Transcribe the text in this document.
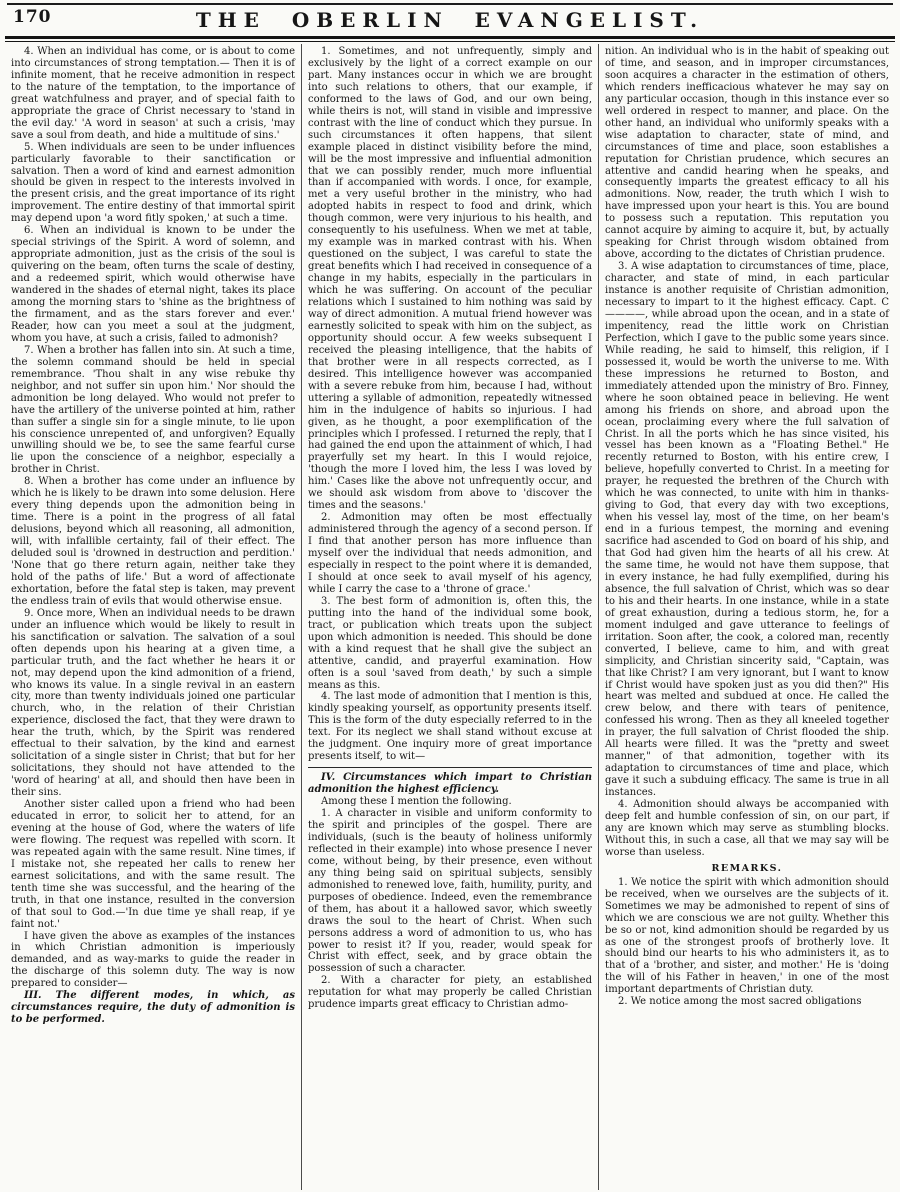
170	THE OBERLIN EVANGELIST.

4. When an individual has come, or is about to come into circumstances of strong temptation.— Then it is of infinite moment, that he receive admonition in respect to the nature of the temptation, to the importance of great watchfulness and prayer, and of special faith to appropriate the grace of Christ necessary to 'stand in the evil day.' 'A word in season' at such a crisis, 'may save a soul from death, and hide a multitude of sins.'

5. When individuals are seen to be under influences particularly favorable to their sanctification or salvation. Then a word of kind and earnest admonition should be given in respect to the interests involved in the present crisis, and the great importance of its right improvement. The entire destiny of that immortal spirit may depend upon 'a word fitly spoken,' at such a time.

6. When an individual is known to be under the special strivings of the Spirit. A word of solemn, and appropriate admonition, just as the crisis of the soul is quivering on the beam, often turns the scale of destiny, and a redeemed spirit, which would otherwise have wandered in the shades of eternal night, takes its place among the morning stars to 'shine as the brightness of the firmament, and as the stars forever and ever.' Reader, how can you meet a soul at the judgment, whom you have, at such a crisis, failed to admonish?

7. When a brother has fallen into sin. At such a time, the solemn command should be held in special remembrance. 'Thou shalt in any wise rebuke thy neighbor, and not suffer sin upon him.' Nor should the admonition be long delayed. Who would not prefer to have the artillery of the universe pointed at him, rather than suffer a single sin for a single minute, to lie upon his conscience unrepented of, and unforgiven? Equally unwilling should we be, to see the same fearful curse lie upon the conscience of a neighbor, especially a brother in Christ.

8. When a brother has come under an influence by which he is likely to be drawn into some delusion. Here every thing depends upon the admonition being in time. There is a point in the progress of all fatal delusions, beyond which all reasoning, all admonition, will, with infallible certainty, fail of their effect. The deluded soul is 'drowned in destruction and perdition.' 'None that go there return again, neither take they hold of the paths of life.' But a word of affectionate exhortation, before the fatal step is taken, may prevent the endless train of evils that would otherwise ensue.

9. Once more, When an individual needs to be drawn under an influence which would be likely to result in his sanctification or salvation. The salvation of a soul often depends upon his hearing at a given time, a particular truth, and the fact whether he hears it or not, may depend upon the kind admonition of a friend, who knows its value. In a single revival in an eastern city, more than twenty individuals joined one particular church, who, in the relation of their Christian experience, disclosed the fact, that they were drawn to hear the truth, which, by the Spirit was rendered effectual to their salvation, by the kind and earnest solicitation of a single sister in Christ; that but for her solicitations, they should not have attended to the 'word of hearing' at all, and should then have been in their sins.

Another sister called upon a friend who had been educated in error, to solicit her to attend, for an evening at the house of God, where the waters of life were flowing. The request was repelled with scorn. It was repeated again with the same result. Nine times, if I mistake not, she repeated her calls to renew her earnest solicitations, and with the same result. The tenth time she was successful, and the hearing of the truth, in that one instance, resulted in the conversion of that soul to God.—'In due time ye shall reap, if ye faint not.'

I have given the above as examples of the instances in which Christian admonition is imperiously demanded, and as way-marks to guide the reader in the discharge of this solemn duty. The way is now prepared to consider—

III. The different modes, in which, as circumstances require, the duty of admonition is to be performed.

1. Sometimes, and not unfrequently, simply and exclusively by the light of a correct example on our part. Many instances occur in which we are brought into such relations to others, that our example, if conformed to the laws of God, and our own being, while theirs is not, will stand in visible and impressive contrast with the line of conduct which they pursue. In such circumstances it often happens, that silent example placed in distinct visibility before the mind, will be the most impressive and influential admonition that we can possibly render, much more influential than if accompanied with words. I once, for example, met a very useful brother in the ministry, who had adopted habits in respect to food and drink, which though common, were very injurious to his health, and consequently to his usefulness. When we met at table, my example was in marked contrast with his. When questioned on the subject, I was careful to state the great benefits which I had received in consequence of a change in my habits, especially in the particulars in which he was suffering. On account of the peculiar relations which I sustained to him nothing was said by way of direct admonition. A mutual friend however was earnestly solicited to speak with him on the subject, as opportunity should occur. A few weeks subsequent I received the pleasing intelligence, that the habits of that brother were in all respects corrected, as I desired. This intelligence however was accompanied with a severe rebuke from him, because I had, without uttering a syllable of admonition, repeatedly witnessed him in the indulgence of habits so injurious. I had given, as he thought, a poor exemplification of the principles which I professed. I returned the reply, that I had gained the end upon the attainment of which, I had prayerfully set my heart. In this I would rejoice, 'though the more I loved him, the less I was loved by him.' Cases like the above not unfrequently occur, and we should ask wisdom from above to 'discover the times and the seasons.'

2. Admonition may often be most effectually administered through the agency of a second person. If I find that another person has more influence than myself over the individual that needs admonition, and especially in respect to the point where it is demanded, I should at once seek to avail myself of his agency, while I carry the case to a 'throne of grace.'

3. The best form of admonition is, often this, the putting into the hand of the individual some book, tract, or publication which treats upon the subject upon which admonition is needed. This should be done with a kind request that he shall give the subject an attentive, candid, and prayerful examination. How often is a soul 'saved from death,' by such a simple means as this.

4. The last mode of admonition that I mention is this, kindly speaking yourself, as opportunity presents itself. This is the form of the duty especially referred to in the text. For its neglect we shall stand without excuse at the judgment. One inquiry more of great importance presents itself, to wit—

IV. Circumstances which impart to Christian admonition the highest efficiency.

Among these I mention the following.

1. A character in visible and uniform conformity to the spirit and principles of the gospel. There are individuals, (such is the beauty of holiness uniformly reflected in their example) into whose presence I never come, without being, by their presence, even without any thing being said on spiritual subjects, sensibly admonished to renewed love, faith, humility, purity, and purposes of obedience. Indeed, even the remembrance of them, has about it a hallowed savor, which sweetly draws the soul to the heart of Christ. When such persons address a word of admonition to us, who has power to resist it? If you, reader, would speak for Christ with effect, seek, and by grace obtain the possession of such a character.

2. With a character for piety, an established reputation for what may properly be called Christian prudence imparts great efficacy to Christian admo-

nition. An individual who is in the habit of speaking out of time, and season, and in improper circumstances, soon acquires a character in the estimation of others, which renders inefficacious whatever he may say on any particular occasion, though in this instance ever so well ordered in respect to manner, and place. On the other hand, an individual who uniformly speaks with a wise adaptation to character, state of mind, and circumstances of time and place, soon establishes a reputation for Christian prudence, which secures an attentive and candid hearing when he speaks, and consequently imparts the greatest efficacy to all his admonitions. Now, reader, the truth which I wish to have impressed upon your heart is this. You are bound to possess such a reputation. This reputation you cannot acquire by aiming to acquire it, but, by actually speaking for Christ through wisdom obtained from above, according to the dictates of Christian prudence.

3. A wise adaptation to circumstances of time, place, character, and state of mind, in each particular instance is another requisite of Christian admonition, necessary to impart to it the highest efficacy. Capt. C————, while abroad upon the ocean, and in a state of impenitency, read the little work on Christian Perfection, which I gave to the public some years since. While reading, he said to himself, this religion, if I possessed it, would be worth the universe to me. With these impressions he returned to Boston, and immediately attended upon the ministry of Bro. Finney, where he soon obtained peace in believing. He went among his friends on shore, and abroad upon the ocean, proclaiming every where the full salvation of Christ. In all the ports which he has since visited, his vessel has been known as a "Floating Bethel." He recently returned to Boston, with his entire crew, I believe, hopefully converted to Christ. In a meeting for prayer, he requested the brethren of the Church with which he was connected, to unite with him in thanks-giving to God, that every day with two exceptions, when his vessel lay, most of the time, on her beam's end in a furious tempest, the morning and evening sacrifice had ascended to God on board of his ship, and that God had given him the hearts of all his crew. At the same time, he would not have them suppose, that in every instance, he had fully exemplified, during his absence, the full salvation of Christ, which was so dear to his and their hearts. In one instance, while in a state of great exhaustion, during a tedious storm, he, for a moment indulged and gave utterance to feelings of irritation. Soon after, the cook, a colored man, recently converted, I believe, came to him, and with great simplicity, and Christian sincerity said, "Captain, was that like Christ? I am very ignorant, but I want to know if Christ would have spoken just as you did then?" His heart was melted and subdued at once. He called the crew below, and there with tears of penitence, confessed his wrong. Then as they all kneeled together in prayer, the full salvation of Christ flooded the ship. All hearts were filled. It was the "pretty and sweet manner," of that admonition, together with its adaptation to circumstances of time and place, which gave it such a subduing efficacy. The same is true in all instances.

4. Admonition should always be accompanied with deep felt and humble confession of sin, on our part, if any are known which may serve as stumbling blocks. Without this, in such a case, all that we may say will be worse than useless.

REMARKS.

1. We notice the spirit with which admonition should be received, when we ourselves are the subjects of it. Sometimes we may be admonished to repent of sins of which we are conscious we are not guilty. Whether this be so or not, kind admonition should be regarded by us as one of the strongest proofs of brotherly love. It should bind our hearts to his who administers it, as to that of a 'brother, and sister, and mother.' He is 'doing the will of his Father in heaven,' in one of the most important departments of Christian duty.

2. We notice among the most sacred obligations
